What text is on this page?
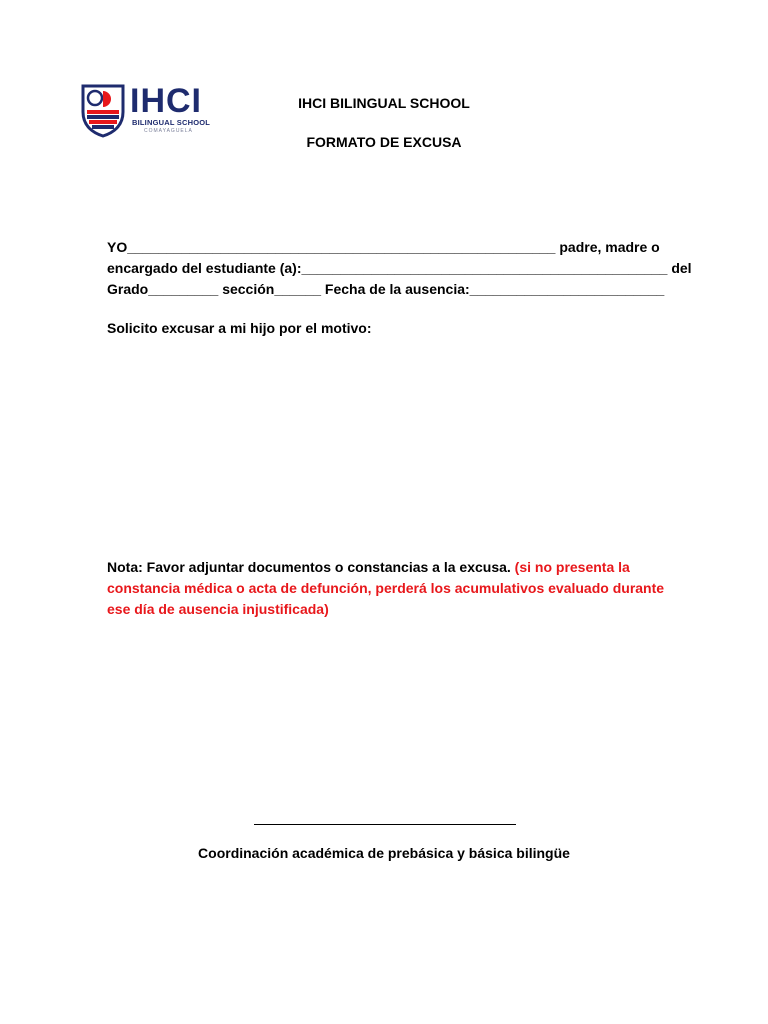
IHCI
BILINGUAL SCHOOL
COMAYAGUELA
IHCI BILINGUAL SCHOOL
FORMATO DE EXCUSA
YO_______________________________________________________ padre, madre o
encargado del estudiante (a):_______________________________________________ del
Grado_________ sección______ Fecha de la ausencia:_________________________
Solicito excusar a mi hijo por el motivo:
Nota: Favor adjuntar documentos o constancias a la excusa. (si no presenta la constancia médica o acta de defunción, perderá los acumulativos evaluado durante ese día de ausencia injustificada)
Coordinación académica de prebásica y básica bilingüe
